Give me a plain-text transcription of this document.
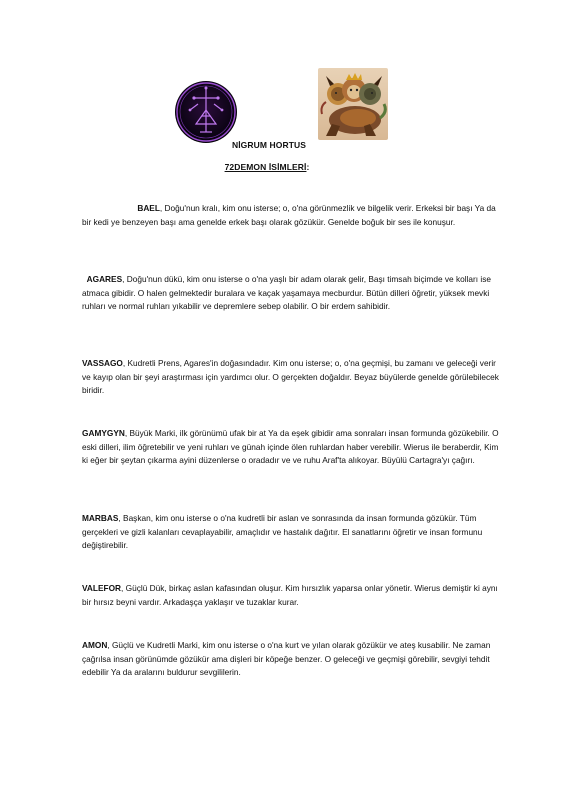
NİGRUM HORTUS
72DEMON İSİMLERİ:

BAEL, Doğu'nun kralı, kim onu isterse; o, o'na görünmezlik ve bilgelik verir. Erkeksi bir başı Ya da bir kedi ye benzeyen başı ama genelde erkek başı olarak gözükür. Genelde boğuk bir ses ile konuşur.

AGARES, Doğu'nun dükü, kim onu isterse o o'na yaşlı bir adam olarak gelir, Başı timsah biçimde ve kolları ise atmaca gibidir. O halen gelmektedir buralara ve kaçak yaşamaya mecburdur. Bütün dilleri öğretir, yüksek mevki ruhları ve normal ruhları yıkabilir ve depremlere sebep olabilir. O bir erdem sahibidir.

VASSAGO, Kudretli Prens, Agares'in doğasındadır. Kim onu isterse; o, o'na geçmişi, bu zamanı ve geleceği verir ve kayıp olan bir şeyi araştırması için yardımcı olur. O gerçekten doğaldır. Beyaz büyülerde genelde görülebilecek biridir.

GAMYGYN, Büyük Marki, ilk görünümü ufak bir at Ya da eşek gibidir ama sonraları insan formunda gözükebilir. O eski dilleri, ilim öğretebilir ve yeni ruhları ve günah içinde ölen ruhlardan haber verebilir. Wierus ile beraberdir, Kim ki eğer bir şeytan çıkarma ayini düzenlerse o oradadır ve ve ruhu Araf'ta alıkoyar. Büyülü Cartagra'yı çağırı.

MARBAS, Başkan, kim onu isterse o o'na kudretli bir aslan ve sonrasında da insan formunda gözükür. Tüm gerçekleri ve gizli kalanları cevaplayabilir, amaçlıdır ve hastalık dağıtır. El sanatlarını öğretir ve insan formunu değiştirebilir.

VALEFOR, Güçlü Dük, birkaç aslan kafasından oluşur. Kim hırsızlık yaparsa onlar yönetir. Wierus demiştir ki aynı bir hırsız beyni vardır. Arkadaşça yaklaşır ve tuzaklar kurar.

AMON, Güçlü ve Kudretli Marki, kim onu isterse o o'na kurt ve yılan olarak gözükür ve ateş kusabilir. Ne zaman çağrılsa insan görünümde gözükür ama dişleri bir köpeğe benzer. O geleceği ve geçmişi görebilir, sevgiyi tehdit edebilir Ya da aralarını buldurur sevgililerin.
